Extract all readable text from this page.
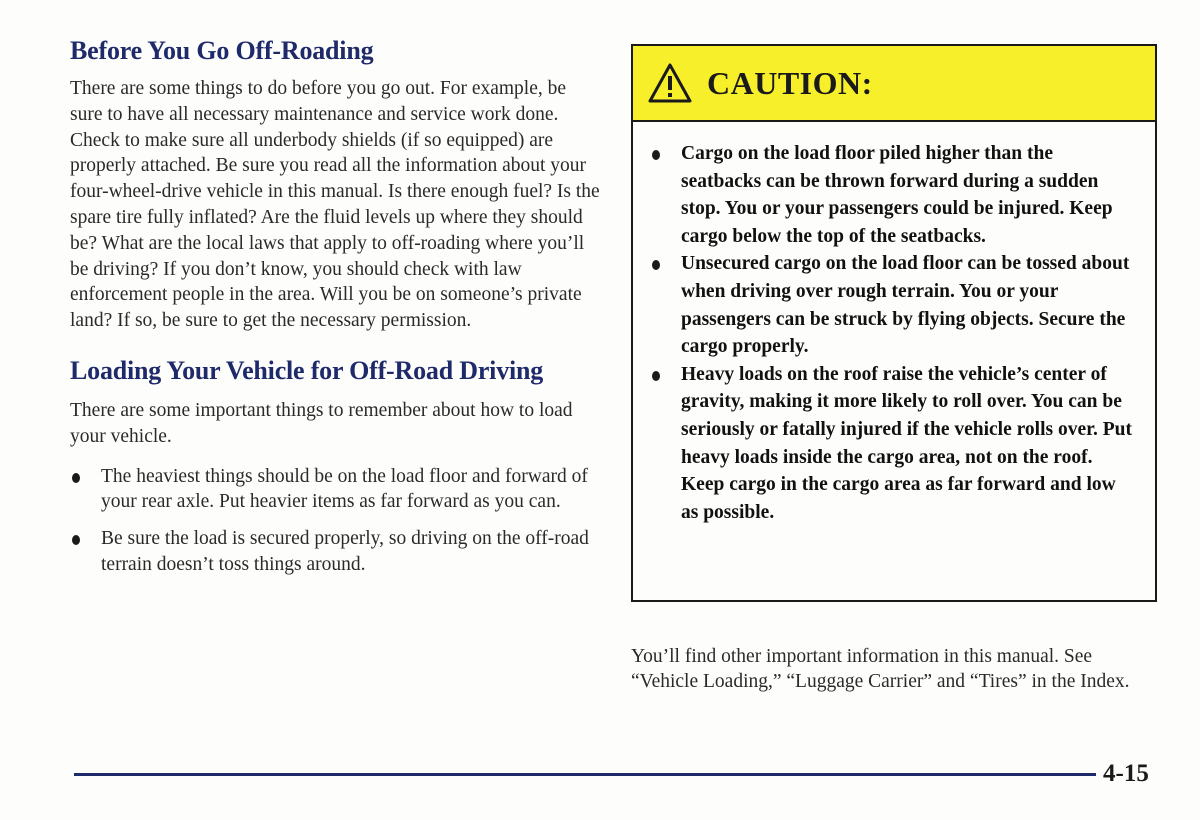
Before You Go Off-Roading

There are some things to do before you go out. For example, be sure to have all necessary maintenance and service work done. Check to make sure all underbody shields (if so equipped) are properly attached. Be sure you read all the information about your four-wheel-drive vehicle in this manual. Is there enough fuel? Is the spare tire fully inflated? Are the fluid levels up where they should be? What are the local laws that apply to off-roading where you’ll be driving? If you don’t know, you should check with law enforcement people in the area. Will you be on someone’s private land? If so, be sure to get the necessary permission.

Loading Your Vehicle for Off-Road Driving

There are some important things to remember about how to load your vehicle.

The heaviest things should be on the load floor and forward of your rear axle. Put heavier items as far forward as you can.
Be sure the load is secured properly, so driving on the off-road terrain doesn’t toss things around.
CAUTION:
Cargo on the load floor piled higher than the seatbacks can be thrown forward during a sudden stop. You or your passengers could be injured. Keep cargo below the top of the seatbacks.
Unsecured cargo on the load floor can be tossed about when driving over rough terrain. You or your passengers can be struck by flying objects. Secure the cargo properly.
Heavy loads on the roof raise the vehicle’s center of gravity, making it more likely to roll over. You can be seriously or fatally injured if the vehicle rolls over. Put heavy loads inside the cargo area, not on the roof. Keep cargo in the cargo area as far forward and low as possible.

You’ll find other important information in this manual. See “Vehicle Loading,” “Luggage Carrier” and “Tires” in the Index.

4-15
